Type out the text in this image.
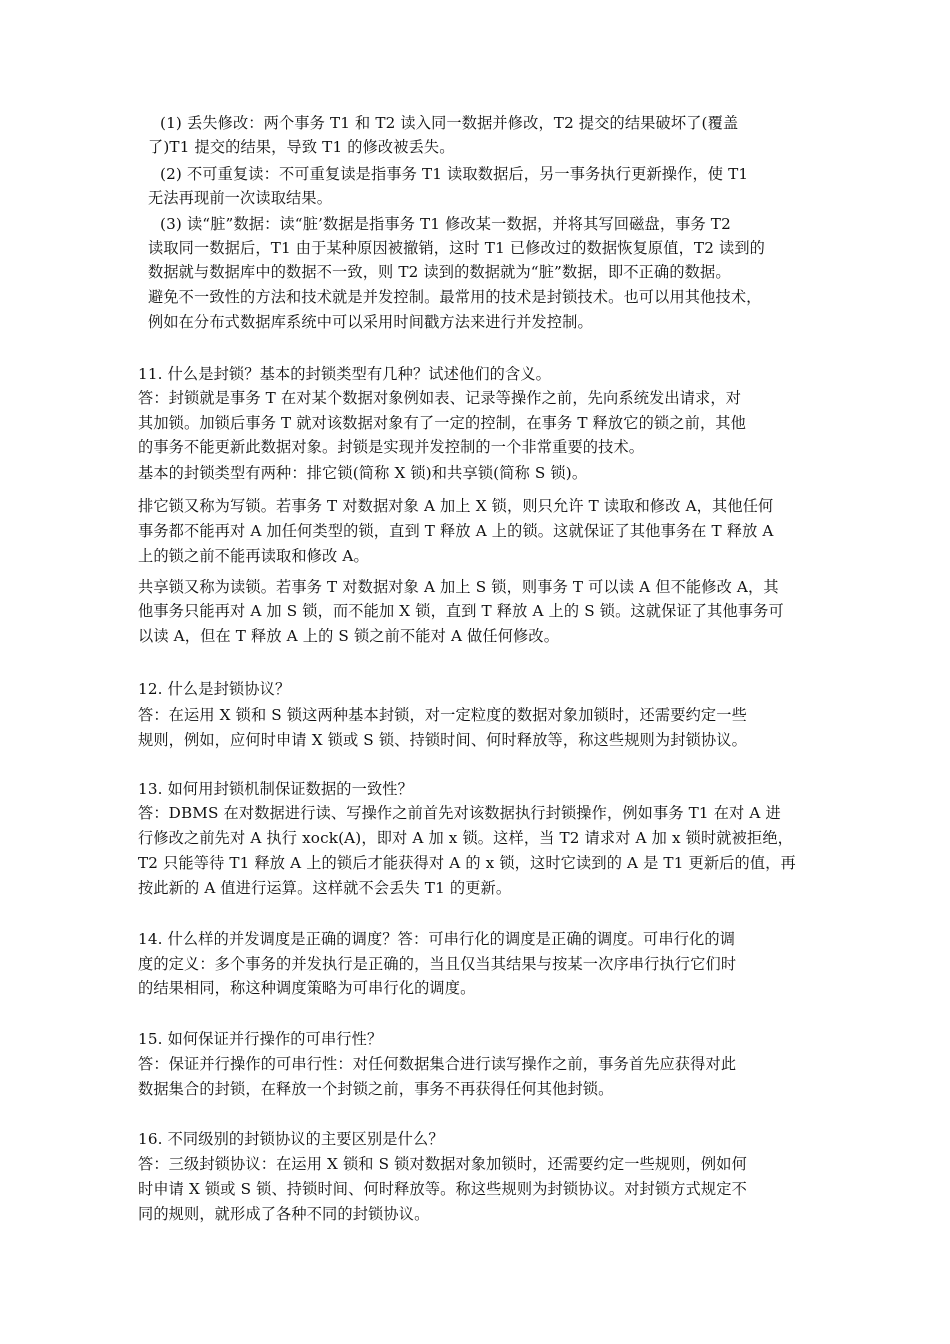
(1) 丢失修改：两个事务 T1 和 T2 读入同一数据并修改，T2 提交的结果破坏了(覆盖
了)T1 提交的结果，导致 T1 的修改被丢失。
(2) 不可重复读：不可重复读是指事务 T1 读取数据后，另一事务执行更新操作，使 T1
无法再现前一次读取结果。
(3) 读“脏”数据：读“脏’数据是指事务 T1 修改某一数据，并将其写回磁盘，事务 T2
读取同一数据后，T1 由于某种原因被撤销，这时 T1 已修改过的数据恢复原值，T2 读到的
数据就与数据库中的数据不一致，则 T2 读到的数据就为“脏”数据，即不正确的数据。
避免不一致性的方法和技术就是并发控制。最常用的技术是封锁技术。也可以用其他技术，
例如在分布式数据库系统中可以采用时间戳方法来进行并发控制。
11. 什么是封锁？基本的封锁类型有几种？试述他们的含义。
答：封锁就是事务 T 在对某个数据对象例如表、记录等操作之前，先向系统发出请求，对
其加锁。加锁后事务 T 就对该数据对象有了一定的控制，在事务 T 释放它的锁之前，其他
的事务不能更新此数据对象。封锁是实现并发控制的一个非常重要的技术。
基本的封锁类型有两种：排它锁(简称 X 锁)和共享锁(简称 S 锁)。
排它锁又称为写锁。若事务 T 对数据对象 A 加上 X 锁，则只允许 T 读取和修改 A，其他任何
事务都不能再对 A 加任何类型的锁，直到 T 释放 A 上的锁。这就保证了其他事务在 T 释放 A
上的锁之前不能再读取和修改 A。
共享锁又称为读锁。若事务 T 对数据对象 A 加上 S 锁，则事务 T 可以读 A 但不能修改 A，其
他事务只能再对 A 加 S 锁，而不能加 X 锁，直到 T 释放 A 上的 S 锁。这就保证了其他事务可
以读 A，但在 T 释放 A 上的 S 锁之前不能对 A 做任何修改。
12. 什么是封锁协议？
答：在运用 X 锁和 S 锁这两种基本封锁，对一定粒度的数据对象加锁时，还需要约定一些
规则，例如，应何时申请 X 锁或 S 锁、持锁时间、何时释放等，称这些规则为封锁协议。
13. 如何用封锁机制保证数据的一致性？
答：DBMS 在对数据进行读、写操作之前首先对该数据执行封锁操作，例如事务 T1 在对 A 进
行修改之前先对 A 执行 xock(A)，即对 A 加 x 锁。这样，当 T2 请求对 A 加 x 锁时就被拒绝，
T2 只能等待 T1 释放 A 上的锁后才能获得对 A 的 x 锁，这时它读到的 A 是 T1 更新后的值，再
按此新的 A 值进行运算。这样就不会丢失 T1 的更新。
14. 什么样的并发调度是正确的调度？答：可串行化的调度是正确的调度。可串行化的调
度的定义：多个事务的并发执行是正确的，当且仅当其结果与按某一次序串行执行它们时
的结果相同，称这种调度策略为可串行化的调度。
15. 如何保证并行操作的可串行性？
答：保证并行操作的可串行性：对任何数据集合进行读写操作之前，事务首先应获得对此
数据集合的封锁，在释放一个封锁之前，事务不再获得任何其他封锁。
16. 不同级别的封锁协议的主要区别是什么？
答：三级封锁协议：在运用 X 锁和 S 锁对数据对象加锁时，还需要约定一些规则，例如何
时申请 X 锁或 S 锁、持锁时间、何时释放等。称这些规则为封锁协议。对封锁方式规定不
同的规则，就形成了各种不同的封锁协议。
